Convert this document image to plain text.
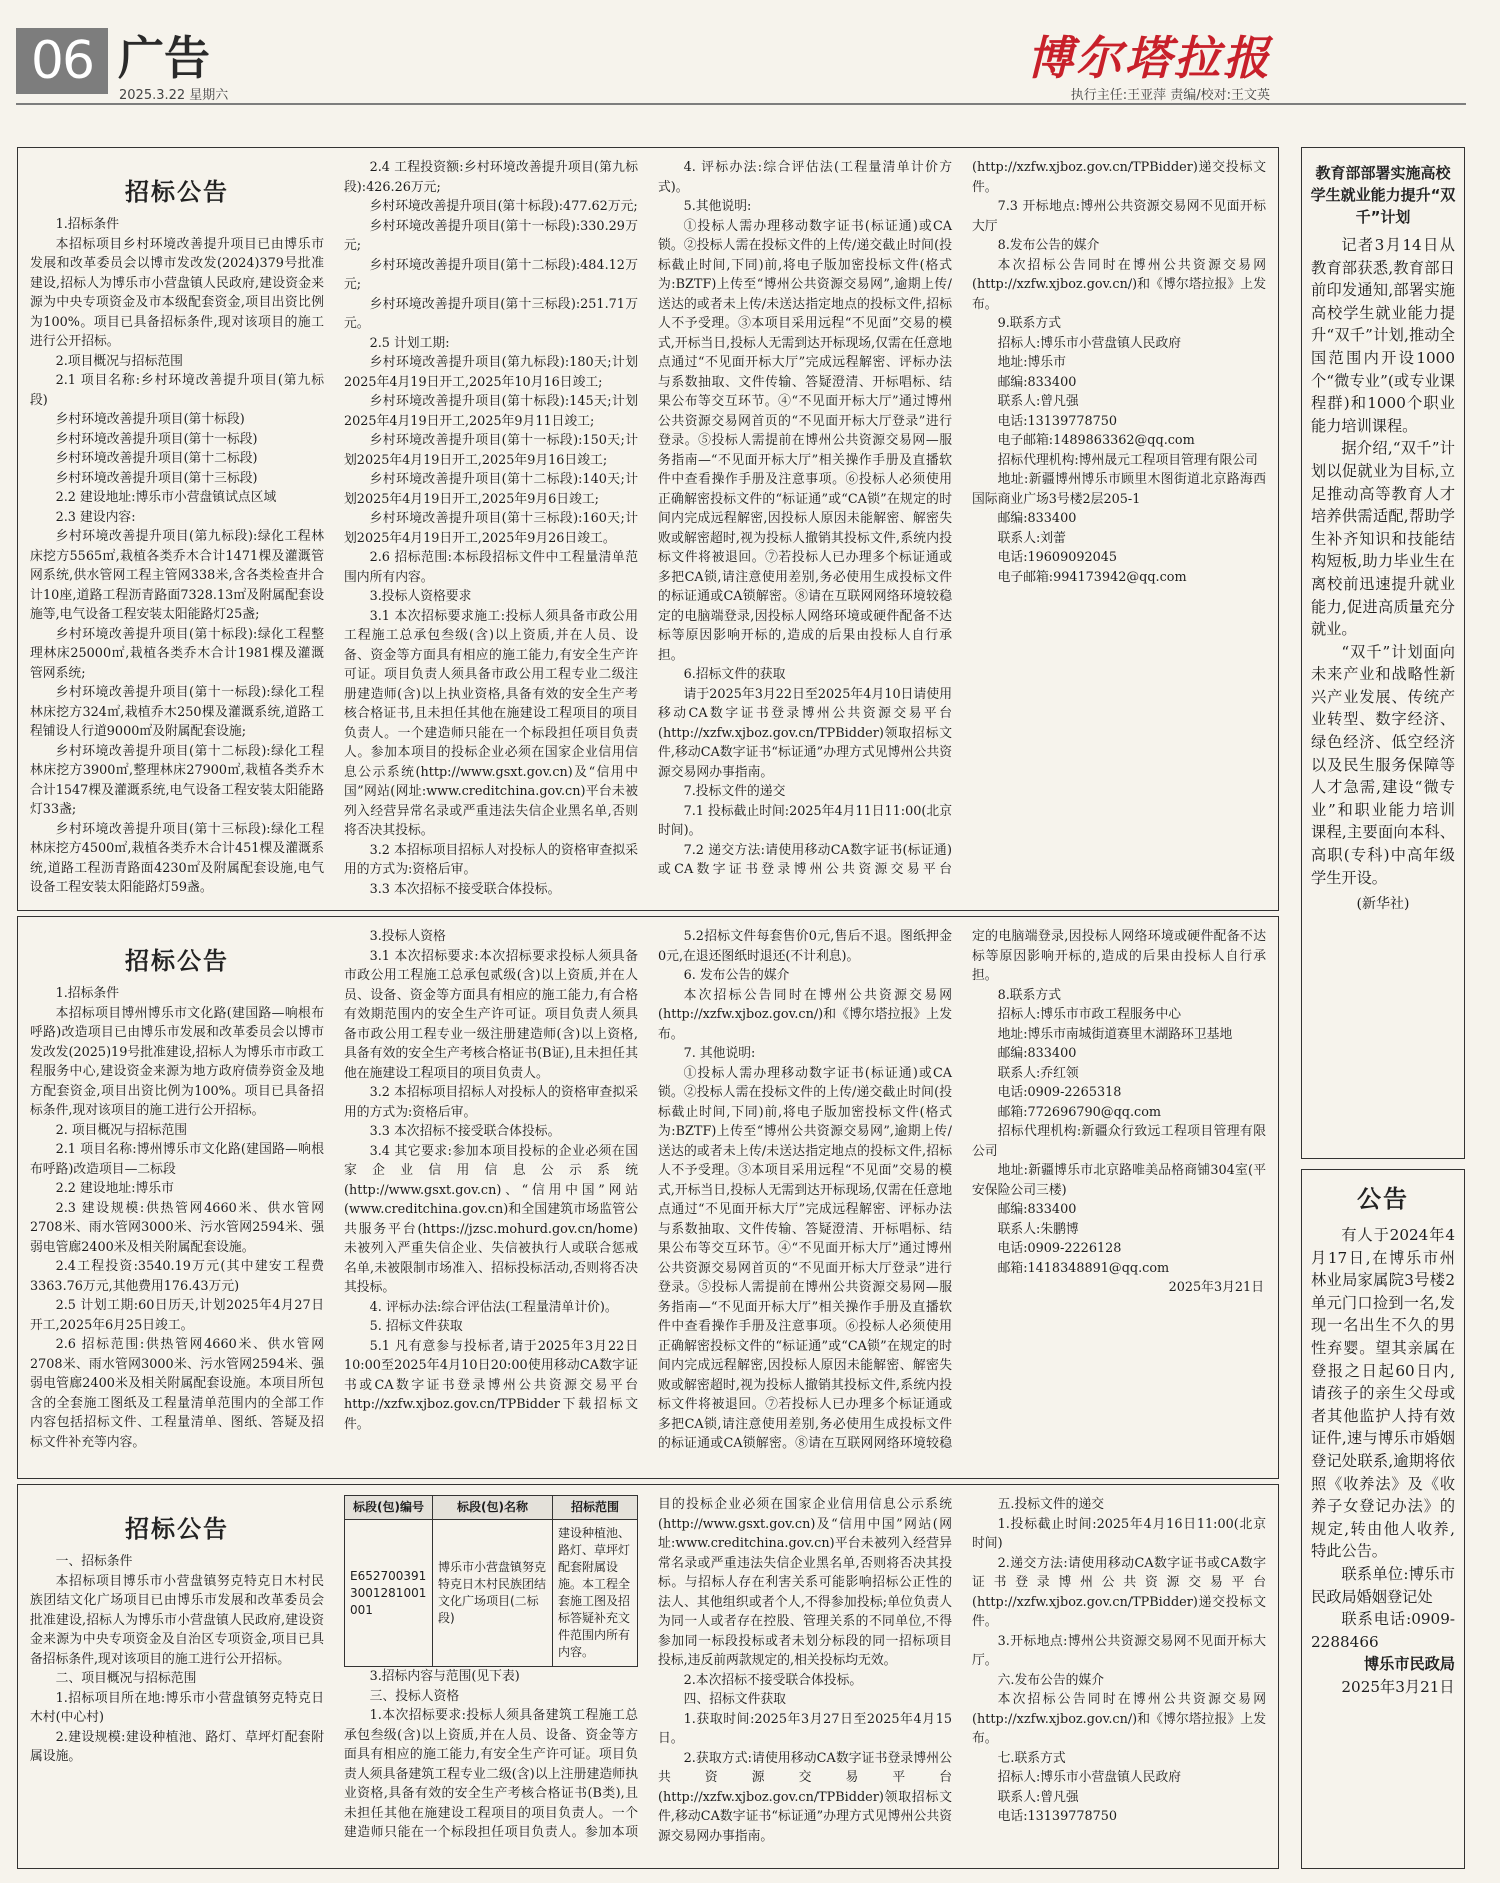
06 广告
2025.3.22 星期六
博尔塔拉报
执行主任:王亚萍 责编/校对:王文英
招标公告

1.招标条件

本招标项目乡村环境改善提升项目已由博乐市发展和改革委员会以博市发改发(2024)379号批准建设,招标人为博乐市小营盘镇人民政府,建设资金来源为中央专项资金及市本级配套资金,项目出资比例为100%。项目已具备招标条件,现对该项目的施工进行公开招标。

2.项目概况与招标范围

2.1 项目名称:乡村环境改善提升项目(第九标段)

乡村环境改善提升项目(第十标段)

乡村环境改善提升项目(第十一标段)

乡村环境改善提升项目(第十二标段)

乡村环境改善提升项目(第十三标段)

2.2 建设地址:博乐市小营盘镇试点区域

2.3 建设内容:

乡村环境改善提升项目(第九标段):绿化工程林床挖方5565㎡,栽植各类乔木合计1471棵及灌溉管网系统,供水管网工程主管网338米,含各类检查井合计10座,道路工程沥青路面7328.13㎡及附属配套设施等,电气设备工程安装太阳能路灯25盏;

乡村环境改善提升项目(第十标段):绿化工程整理林床25000㎡,栽植各类乔木合计1981棵及灌溉管网系统;

乡村环境改善提升项目(第十一标段):绿化工程林床挖方324㎡,栽植乔木250棵及灌溉系统,道路工程铺设人行道9000㎡及附属配套设施;

乡村环境改善提升项目(第十二标段):绿化工程林床挖方3900㎡,整理林床27900㎡,栽植各类乔木合计1547棵及灌溉系统,电气设备工程安装太阳能路灯33盏;

乡村环境改善提升项目(第十三标段):绿化工程林床挖方4500㎡,栽植各类乔木合计451棵及灌溉系统,道路工程沥青路面4230㎡及附属配套设施,电气设备工程安装太阳能路灯59盏。

2.4 工程投资额:乡村环境改善提升项目(第九标段):426.26万元;

乡村环境改善提升项目(第十标段):477.62万元;

乡村环境改善提升项目(第十一标段):330.29万元;

乡村环境改善提升项目(第十二标段):484.12万元;

乡村环境改善提升项目(第十三标段):251.71万元。

2.5 计划工期:

乡村环境改善提升项目(第九标段):180天;计划2025年4月19日开工,2025年10月16日竣工;

乡村环境改善提升项目(第十标段):145天;计划2025年4月19日开工,2025年9月11日竣工;

乡村环境改善提升项目(第十一标段):150天;计划2025年4月19日开工,2025年9月16日竣工;

乡村环境改善提升项目(第十二标段):140天;计划2025年4月19日开工,2025年9月6日竣工;

乡村环境改善提升项目(第十三标段):160天;计划2025年4月19日开工,2025年9月26日竣工。

2.6 招标范围:本标段招标文件中工程量清单范围内所有内容。

3.投标人资格要求

3.1 本次招标要求施工:投标人须具备市政公用工程施工总承包叁级(含)以上资质,并在人员、设备、资金等方面具有相应的施工能力,有安全生产许可证。项目负责人须具备市政公用工程专业二级注册建造师(含)以上执业资格,具备有效的安全生产考核合格证书,且未担任其他在施建设工程项目的项目负责人。一个建造师只能在一个标段担任项目负责人。参加本项目的投标企业必须在国家企业信用信息公示系统(http://www.gsxt.gov.cn)及“信用中国”网站(网址:www.creditchina.gov.cn)平台未被列入经营异常名录或严重违法失信企业黑名单,否则将否决其投标。

3.2 本招标项目招标人对投标人的资格审查拟采用的方式为:资格后审。

3.3 本次招标不接受联合体投标。

4. 评标办法:综合评估法(工程量清单计价方式)。

5.其他说明:

①投标人需办理移动数字证书(标证通)或CA锁。②投标人需在投标文件的上传/递交截止时间(投标截止时间,下同)前,将电子版加密投标文件(格式为:BZTF)上传至“博州公共资源交易网”,逾期上传/送达的或者未上传/未送达指定地点的投标文件,招标人不予受理。③本项目采用远程“不见面”交易的模式,开标当日,投标人无需到达开标现场,仅需在任意地点通过“不见面开标大厅”完成远程解密、评标办法与系数抽取、文件传输、答疑澄清、开标唱标、结果公布等交互环节。④“不见面开标大厅”通过博州公共资源交易网首页的“不见面开标大厅登录”进行登录。⑤投标人需提前在博州公共资源交易网—服务指南—“不见面开标大厅”相关操作手册及直播软件中查看操作手册及注意事项。⑥投标人必须使用正确解密投标文件的“标证通”或“CA锁”在规定的时间内完成远程解密,因投标人原因未能解密、解密失败或解密超时,视为投标人撤销其投标文件,系统内投标文件将被退回。⑦若投标人已办理多个标证通或多把CA锁,请注意使用差别,务必使用生成投标文件的标证通或CA锁解密。⑧请在互联网网络环境较稳定的电脑端登录,因投标人网络环境或硬件配备不达标等原因影响开标的,造成的后果由投标人自行承担。

6.招标文件的获取

请于2025年3月22日至2025年4月10日请使用移动CA数字证书登录博州公共资源交易平台(http://xzfw.xjboz.gov.cn/TPBidder)领取招标文件,移动CA数字证书“标证通”办理方式见博州公共资源交易网办事指南。

7.投标文件的递交

7.1 投标截止时间:2025年4月11日11:00(北京时间)。

7.2 递交方法:请使用移动CA数字证书(标证通)或CA数字证书登录博州公共资源交易平台(http://xzfw.xjboz.gov.cn/TPBidder)递交投标文件。

7.3 开标地点:博州公共资源交易网不见面开标大厅

8.发布公告的媒介

本次招标公告同时在博州公共资源交易网(http://xzfw.xjboz.gov.cn/)和《博尔塔拉报》上发布。

9.联系方式

招标人:博乐市小营盘镇人民政府

地址:博乐市

邮编:833400

联系人:曾凡强

电话:13139778750

电子邮箱:1489863362@qq.com

招标代理机构:博州晟元工程项目管理有限公司

地址:新疆博州博乐市顾里木图街道北京路海西国际商业广场3号楼2层205-1

邮编:833400

联系人:刘蕾

电话:19609092045

电子邮箱:994173942@qq.com

招标公告

1.招标条件

本招标项目博州博乐市文化路(建国路—响根布呼路)改造项目已由博乐市发展和改革委员会以博市发改发(2025)19号批准建设,招标人为博乐市市政工程服务中心,建设资金来源为地方政府债券资金及地方配套资金,项目出资比例为100%。项目已具备招标条件,现对该项目的施工进行公开招标。

2. 项目概况与招标范围

2.1 项目名称:博州博乐市文化路(建国路—响根布呼路)改造项目—二标段

2.2 建设地址:博乐市

2.3 建设规模:供热管网4660米、供水管网2708米、雨水管网3000米、污水管网2594米、强弱电管廊2400米及相关附属配套设施。

2.4工程投资:3540.19万元(其中建安工程费3363.76万元,其他费用176.43万元)

2.5 计划工期:60日历天,计划2025年4月27日开工,2025年6月25日竣工。

2.6 招标范围:供热管网4660米、供水管网2708米、雨水管网3000米、污水管网2594米、强弱电管廊2400米及相关附属配套设施。本项目所包含的全套施工图纸及工程量清单范围内的全部工作内容包括招标文件、工程量清单、图纸、答疑及招标文件补充等内容。

3.投标人资格

3.1 本次招标要求:本次招标要求投标人须具备市政公用工程施工总承包贰级(含)以上资质,并在人员、设备、资金等方面具有相应的施工能力,有合格有效期范围内的安全生产许可证。项目负责人须具备市政公用工程专业一级注册建造师(含)以上资格,具备有效的安全生产考核合格证书(B证),且未担任其他在施建设工程项目的项目负责人。

3.2 本招标项目招标人对投标人的资格审查拟采用的方式为:资格后审。

3.3 本次招标不接受联合体投标。

3.4 其它要求:参加本项目投标的企业必须在国家企业信用信息公示系统(http://www.gsxt.gov.cn)、“信用中国”网站(www.creditchina.gov.cn)和全国建筑市场监管公共服务平台(https://jzsc.mohurd.gov.cn/home)未被列入严重失信企业、失信被执行人或联合惩戒名单,未被限制市场准入、招标投标活动,否则将否决其投标。

4. 评标办法:综合评估法(工程量清单计价)。

5. 招标文件获取

5.1 凡有意参与投标者,请于2025年3月22日10:00至2025年4月10日20:00使用移动CA数字证书或CA数字证书登录博州公共资源交易平台http://xzfw.xjboz.gov.cn/TPBidder下载招标文件。

5.2招标文件每套售价0元,售后不退。图纸押金0元,在退还图纸时退还(不计利息)。

6. 发布公告的媒介

本次招标公告同时在博州公共资源交易网(http://xzfw.xjboz.gov.cn/)和《博尔塔拉报》上发布。

7. 其他说明:

①投标人需办理移动数字证书(标证通)或CA锁。②投标人需在投标文件的上传/递交截止时间(投标截止时间,下同)前,将电子版加密投标文件(格式为:BZTF)上传至“博州公共资源交易网”,逾期上传/送达的或者未上传/未送达指定地点的投标文件,招标人不予受理。③本项目采用远程“不见面”交易的模式,开标当日,投标人无需到达开标现场,仅需在任意地点通过“不见面开标大厅”完成远程解密、评标办法与系数抽取、文件传输、答疑澄清、开标唱标、结果公布等交互环节。④“不见面开标大厅”通过博州公共资源交易网首页的“不见面开标大厅登录”进行登录。⑤投标人需提前在博州公共资源交易网—服务指南—“不见面开标大厅”相关操作手册及直播软件中查看操作手册及注意事项。⑥投标人必须使用正确解密投标文件的“标证通”或“CA锁”在规定的时间内完成远程解密,因投标人原因未能解密、解密失败或解密超时,视为投标人撤销其投标文件,系统内投标文件将被退回。⑦若投标人已办理多个标证通或多把CA锁,请注意使用差别,务必使用生成投标文件的标证通或CA锁解密。⑧请在互联网网络环境较稳定的电脑端登录,因投标人网络环境或硬件配备不达标等原因影响开标的,造成的后果由投标人自行承担。

8.联系方式

招标人:博乐市市政工程服务中心

地址:博乐市南城街道赛里木湖路环卫基地

邮编:833400

联系人:乔红领

电话:0909-2265318

邮箱:772696790@qq.com

招标代理机构:新疆众行致远工程项目管理有限公司

地址:新疆博乐市北京路唯美品格商铺304室(平安保险公司三楼)

邮编:833400

联系人:朱鹏博

电话:0909-2226128

邮箱:1418348891@qq.com

2025年3月21日
招标公告

一、招标条件

本招标项目博乐市小营盘镇努克特克日木村民族团结文化广场项目已由博乐市发展和改革委员会批准建设,招标人为博乐市小营盘镇人民政府,建设资金来源为中央专项资金及自治区专项资金,项目已具备招标条件,现对该项目的施工进行公开招标。

二、项目概况与招标范围

1.招标项目所在地:博乐市小营盘镇努克特克日木村(中心村)

2.建设规模:建设种植池、路灯、草坪灯配套附属设施。

标段(包)编号	标段(包)名称	招标范围
E6527003913001281001001	博乐市小营盘镇努克特克日木村民族团结文化广场项目(二标段)	建设种植池、路灯、草坪灯配套附属设施。本工程全套施工图及招标答疑补充文件范围内所有内容。

3.招标内容与范围(见下表)

三、投标人资格

1.本次招标要求:投标人须具备建筑工程施工总承包叁级(含)以上资质,并在人员、设备、资金等方面具有相应的施工能力,有安全生产许可证。项目负责人须具备建筑工程专业二级(含)以上注册建造师执业资格,具备有效的安全生产考核合格证书(B类),且未担任其他在施建设工程项目的项目负责人。一个建造师只能在一个标段担任项目负责人。参加本项目的投标企业必须在国家企业信用信息公示系统(http://www.gsxt.gov.cn)及“信用中国”网站(网址:www.creditchina.gov.cn)平台未被列入经营异常名录或严重违法失信企业黑名单,否则将否决其投标。与招标人存在利害关系可能影响招标公正性的法人、其他组织或者个人,不得参加投标;单位负责人为同一人或者存在控股、管理关系的不同单位,不得参加同一标段投标或者未划分标段的同一招标项目投标,违反前两款规定的,相关投标均无效。

2.本次招标不接受联合体投标。

四、招标文件获取

1.获取时间:2025年3月27日至2025年4月15日。

2.获取方式:请使用移动CA数字证书登录博州公共资源交易平台(http://xzfw.xjboz.gov.cn/TPBidder)领取招标文件,移动CA数字证书“标证通”办理方式见博州公共资源交易网办事指南。

五.投标文件的递交

1.投标截止时间:2025年4月16日11:00(北京时间)

2.递交方法:请使用移动CA数字证书或CA数字证书登录博州公共资源交易平台(http://xzfw.xjboz.gov.cn/TPBidder)递交投标文件。

3.开标地点:博州公共资源交易网不见面开标大厅。

六.发布公告的媒介

本次招标公告同时在博州公共资源交易网(http://xzfw.xjboz.gov.cn/)和《博尔塔拉报》上发布。

七.联系方式

招标人:博乐市小营盘镇人民政府

联系人:曾凡强

电话:13139778750

教育部部署实施高校学生就业能力提升“双千”计划

记者3月14日从教育部获悉,教育部日前印发通知,部署实施高校学生就业能力提升“双千”计划,推动全国范围内开设1000个“微专业”(或专业课程群)和1000个职业能力培训课程。

据介绍,“双千”计划以促就业为目标,立足推动高等教育人才培养供需适配,帮助学生补齐知识和技能结构短板,助力毕业生在离校前迅速提升就业能力,促进高质量充分就业。

“双千”计划面向未来产业和战略性新兴产业发展、传统产业转型、数字经济、绿色经济、低空经济以及民生服务保障等人才急需,建设“微专业”和职业能力培训课程,主要面向本科、高职(专科)中高年级学生开设。

(新华社)
公告

有人于2024年4月17日,在博乐市州林业局家属院3号楼2单元门口捡到一名,发现一名出生不久的男性弃婴。望其亲属在登报之日起60日内,请孩子的亲生父母或者其他监护人持有效证件,速与博乐市婚姻登记处联系,逾期将依照《收养法》及《收养子女登记办法》的规定,转由他人收养,特此公告。

联系单位:博乐市民政局婚姻登记处

联系电话:0909-2288466

博乐市民政局

2025年3月21日
